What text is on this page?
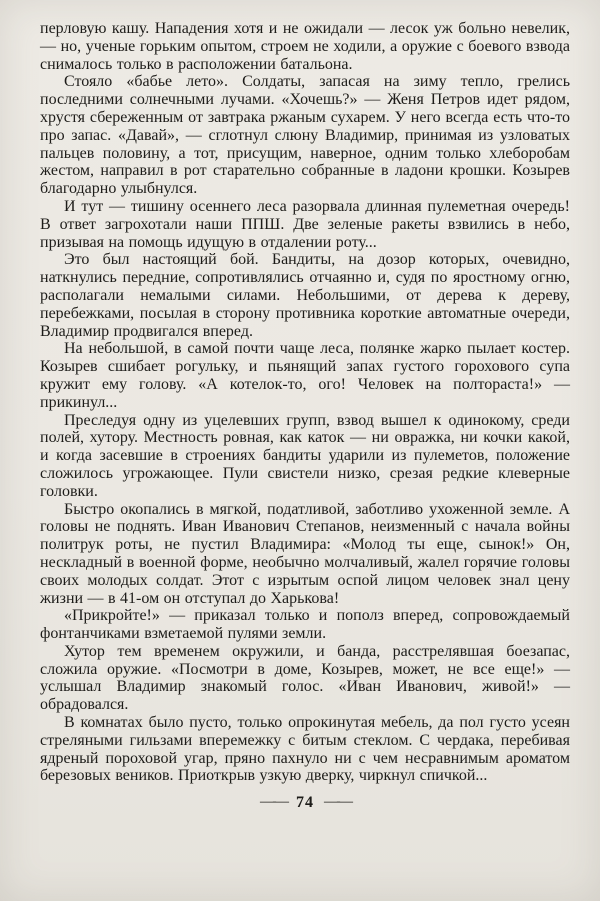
перловую кашу. Нападения хотя и не ожидали — лесок уж больно невелик, — но, ученые горьким опытом, строем не ходили, а оружие с боевого взвода снималось только в расположении батальона.

Стояло «бабье лето». Солдаты, запасая на зиму тепло, грелись последними солнечными лучами. «Хочешь?» — Женя Петров идет рядом, хрустя сбереженным от завтрака ржаным сухарем. У него всегда есть что-то про запас. «Давай», — сглотнул слюну Владимир, принимая из узловатых пальцев половину, а тот, присущим, наверное, одним только хлеборобам жестом, направил в рот старательно собранные в ладони крошки. Козырев благодарно улыбнулся.

И тут — тишину осеннего леса разорвала длинная пулеметная очередь! В ответ загрохотали наши ППШ. Две зеленые ракеты взвились в небо, призывая на помощь идущую в отдалении роту...

Это был настоящий бой. Бандиты, на дозор которых, очевидно, наткнулись передние, сопротивлялись отчаянно и, судя по яростному огню, располагали немалыми силами. Небольшими, от дерева к дереву, перебежками, посылая в сторону противника короткие автоматные очереди, Владимир продвигался вперед.

На небольшой, в самой почти чаще леса, полянке жарко пылает костер. Козырев сшибает рогульку, и пьянящий запах густого горохового супа кружит ему голову. «А котелок-то, ого! Человек на полтораста!» — прикинул...

Преследуя одну из уцелевших групп, взвод вышел к одинокому, среди полей, хутору. Местность ровная, как каток — ни овражка, ни кочки какой, и когда засевшие в строениях бандиты ударили из пулеметов, положение сложилось угрожающее. Пули свистели низко, срезая редкие клеверные головки.

Быстро окопались в мягкой, податливой, заботливо ухоженной земле. А головы не поднять. Иван Иванович Степанов, неизменный с начала войны политрук роты, не пустил Владимира: «Молод ты еще, сынок!» Он, нескладный в военной форме, необычно молчаливый, жалел горячие головы своих молодых солдат. Этот с изрытым оспой лицом человек знал цену жизни — в 41-ом он отступал до Харькова!

«Прикройте!» — приказал только и пополз вперед, сопровождаемый фонтанчиками взметаемой пулями земли.

Хутор тем временем окружили, и банда, расстрелявшая боезапас, сложила оружие. «Посмотри в доме, Козырев, может, не все еще!» — услышал Владимир знакомый голос. «Иван Иванович, живой!» — обрадовался.

В комнатах было пусто, только опрокинутая мебель, да пол густо усеян стреляными гильзами вперемежку с битым стеклом. С чердака, перебивая ядреный пороховой угар, пряно пахнуло ни с чем несравнимым ароматом березовых веников. Приоткрыв узкую дверку, чиркнул спичкой...

—— 74 ——
